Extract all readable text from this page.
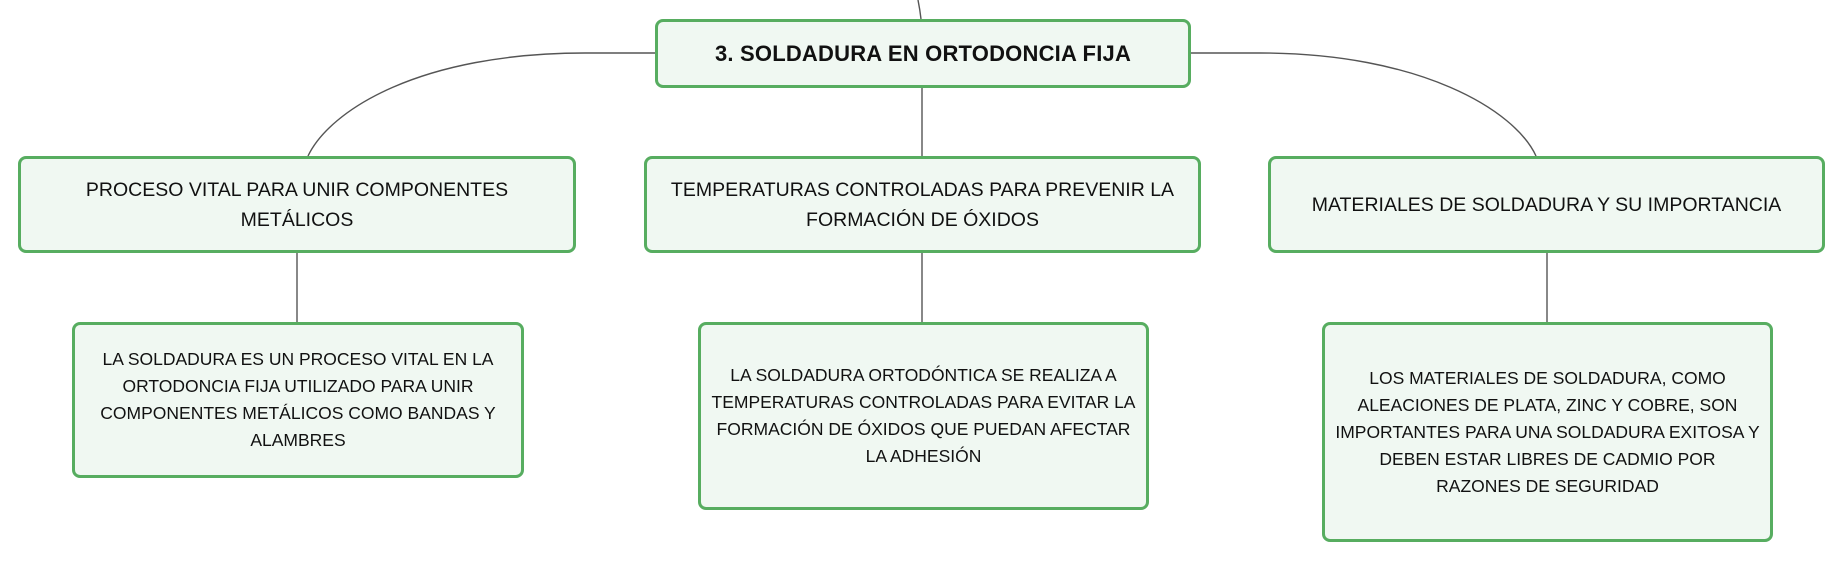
3. SOLDADURA EN ORTODONCIA FIJA
PROCESO VITAL PARA UNIR COMPONENTES METÁLICOS
TEMPERATURAS CONTROLADAS PARA PREVENIR LA FORMACIÓN DE ÓXIDOS
MATERIALES DE SOLDADURA Y SU IMPORTANCIA
LA SOLDADURA ES UN PROCESO VITAL EN LA ORTODONCIA FIJA UTILIZADO PARA UNIR COMPONENTES METÁLICOS COMO BANDAS Y ALAMBRES
LA SOLDADURA ORTODÓNTICA SE REALIZA A TEMPERATURAS CONTROLADAS PARA EVITAR LA FORMACIÓN DE ÓXIDOS QUE PUEDAN AFECTAR LA ADHESIÓN
LOS MATERIALES DE SOLDADURA, COMO ALEACIONES DE PLATA, ZINC Y COBRE, SON IMPORTANTES PARA UNA SOLDADURA EXITOSA Y DEBEN ESTAR LIBRES DE CADMIO POR RAZONES DE SEGURIDAD
